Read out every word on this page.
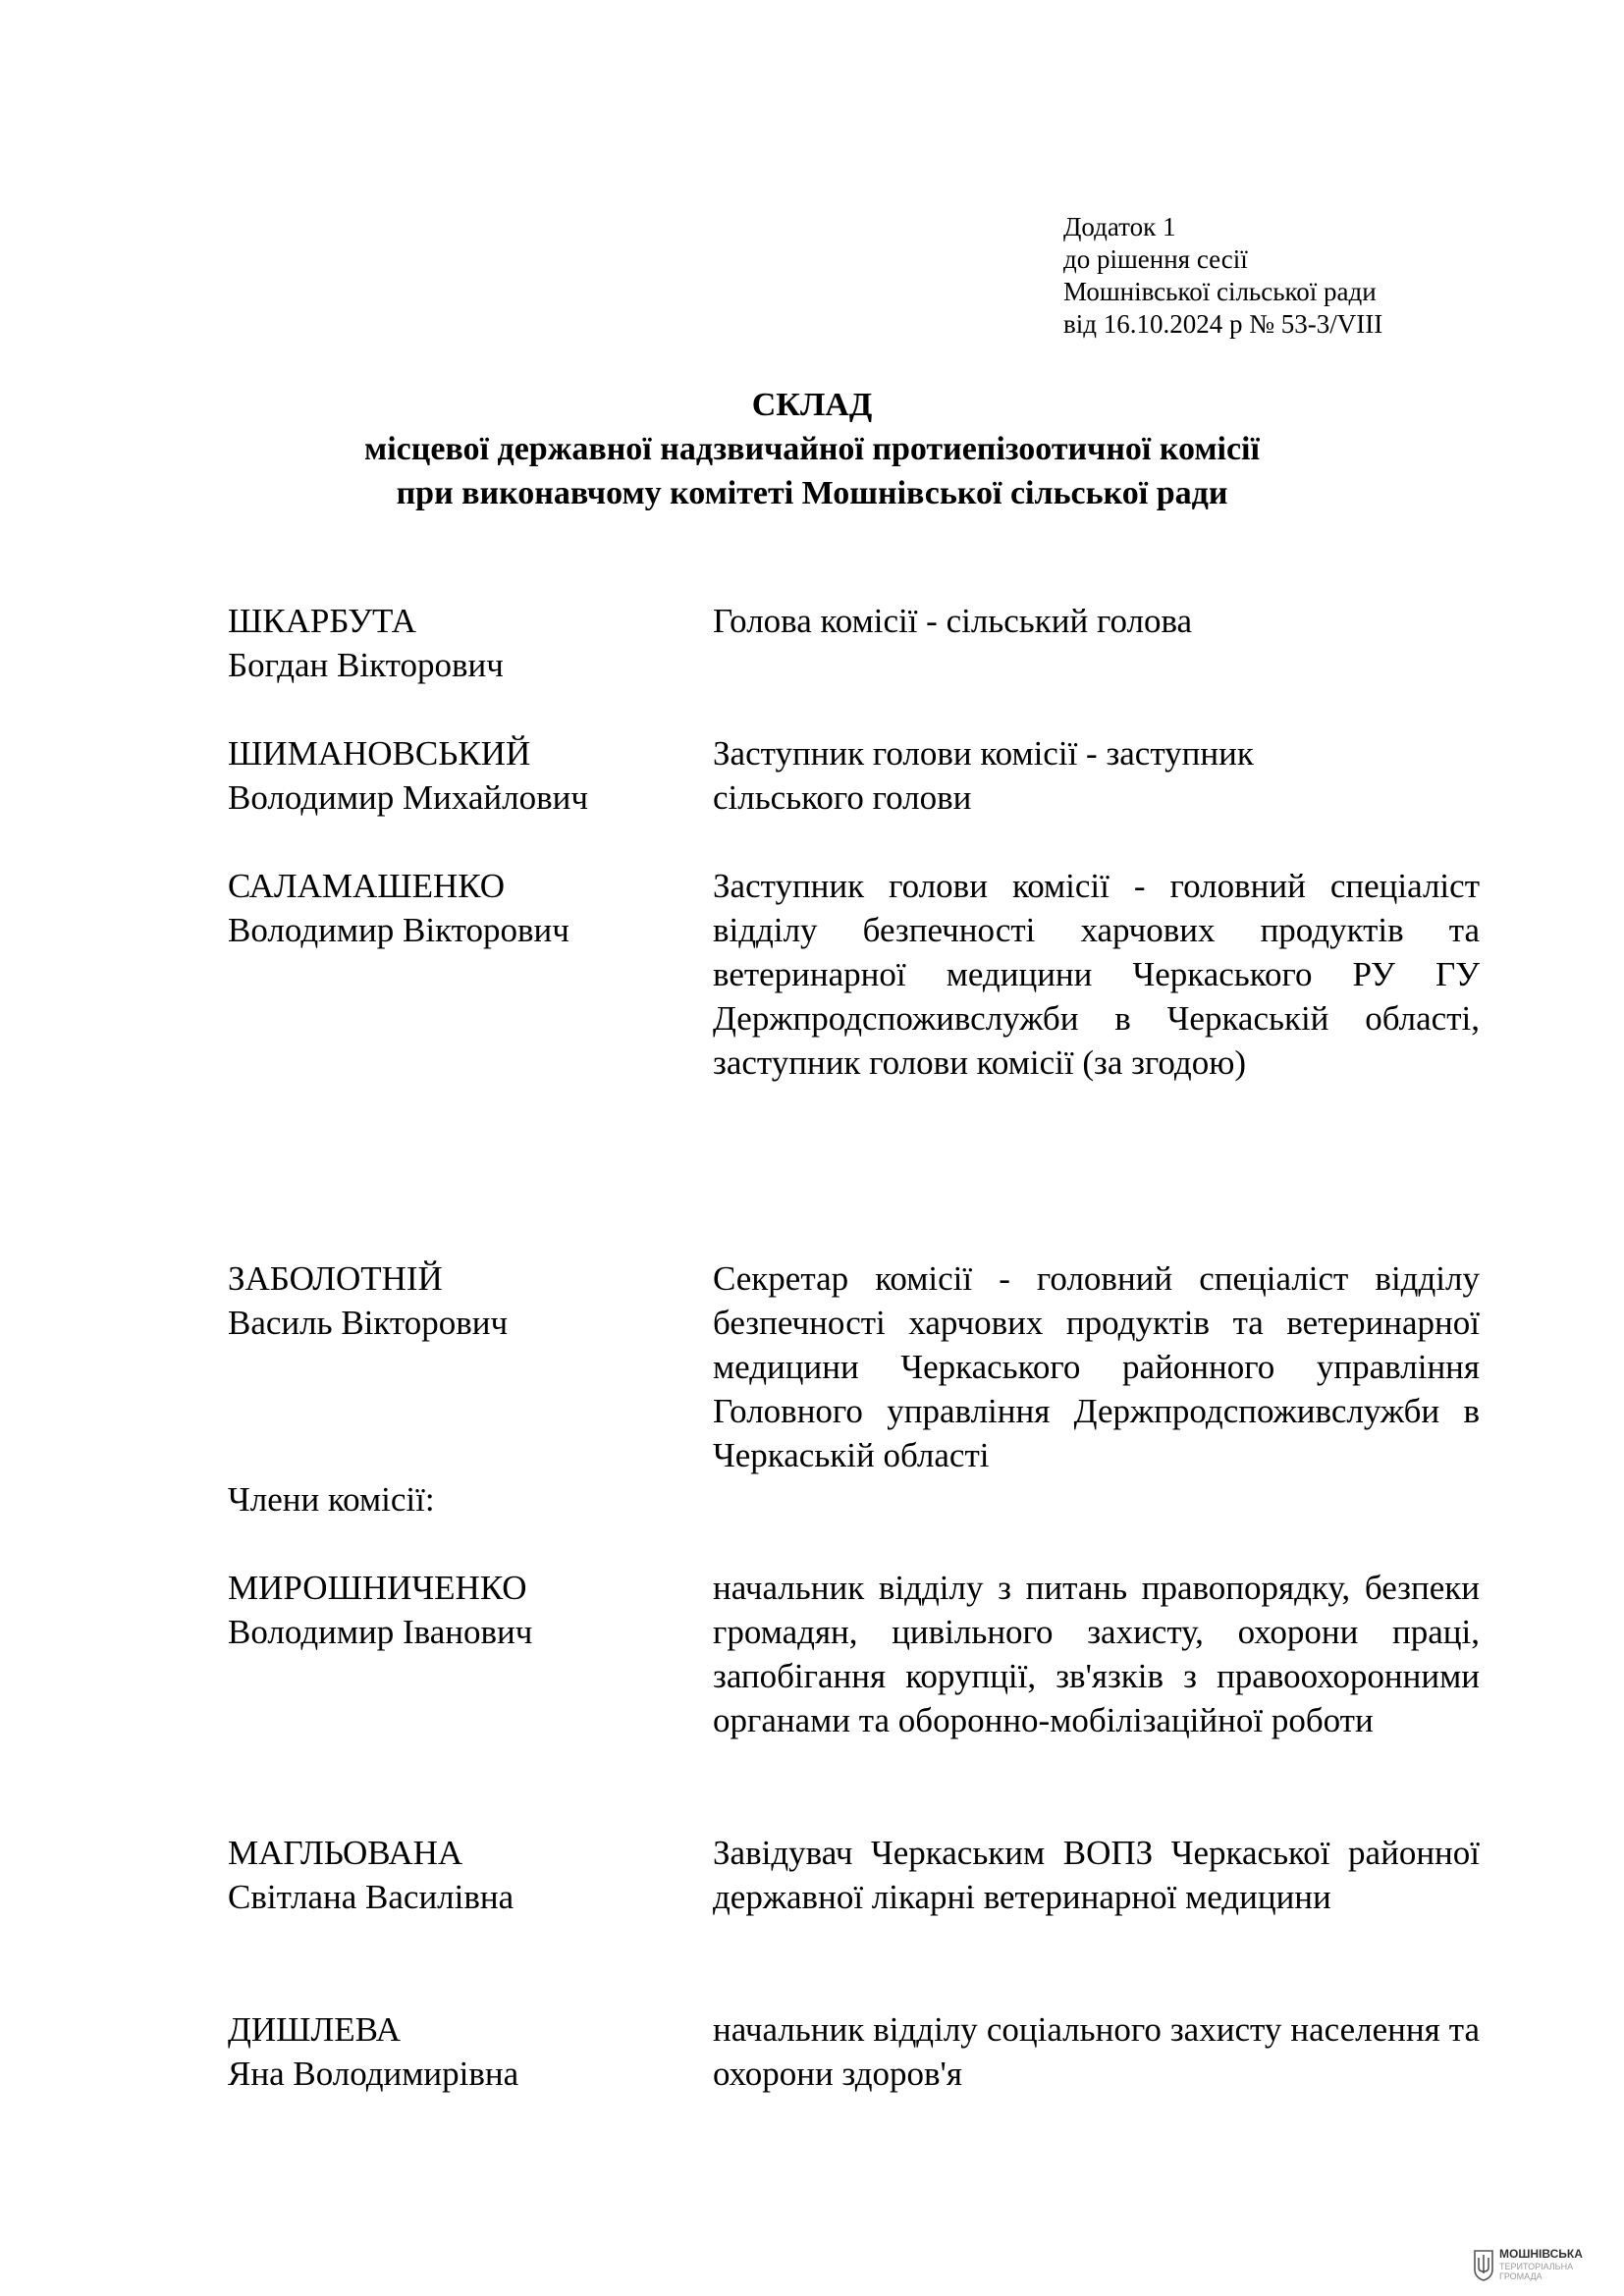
Додаток 1
до рішення сесії
Мошнівської сільської ради
від 16.10.2024 р № 53-3/VIII
СКЛАД
місцевої державної надзвичайної протиепізоотичної комісії
при виконавчому комітеті Мошнівської сільської ради
ШКАРБУТА
Богдан Вікторович

Голова комісії - сільський голова

ШИМАНОВСЬКИЙ
Володимир Михайлович

Заступник голови комісії - заступник

сільського голови

САЛАМАШЕНКО
Володимир Вікторович

Заступник голови комісії - головний спеціаліст відділу безпечності харчових продуктів та ветеринарної медицини Черкаського РУ ГУ Держпродспоживслужби в Черкаській області, заступник голови комісії (за згодою)

ЗАБОЛОТНІЙ
Василь Вікторович

Секретар комісії - головний спеціаліст відділу безпечності харчових продуктів та ветеринарної медицини Черкаського районного управління Головного управління Держпродспоживслужби в Черкаській області

Члени комісії:
МИРОШНИЧЕНКО
Володимир Іванович

начальник відділу з питань правопорядку, безпеки громадян, цивільного захисту, охорони праці, запобігання корупції, зв'язків з правоохоронними органами та оборонно-мобілізаційної роботи

МАГЛЬОВАНА
Світлана Василівна

Завідувач Черкаським ВОПЗ Черкаської районної державної лікарні ветеринарної медицини

ДИШЛЕВА
Яна Володимирівна

начальник відділу соціального захисту населення та охорони здоров'я

МОШНІВСЬКА
ТЕРИТОРІАЛЬНА
ГРОМАДА
